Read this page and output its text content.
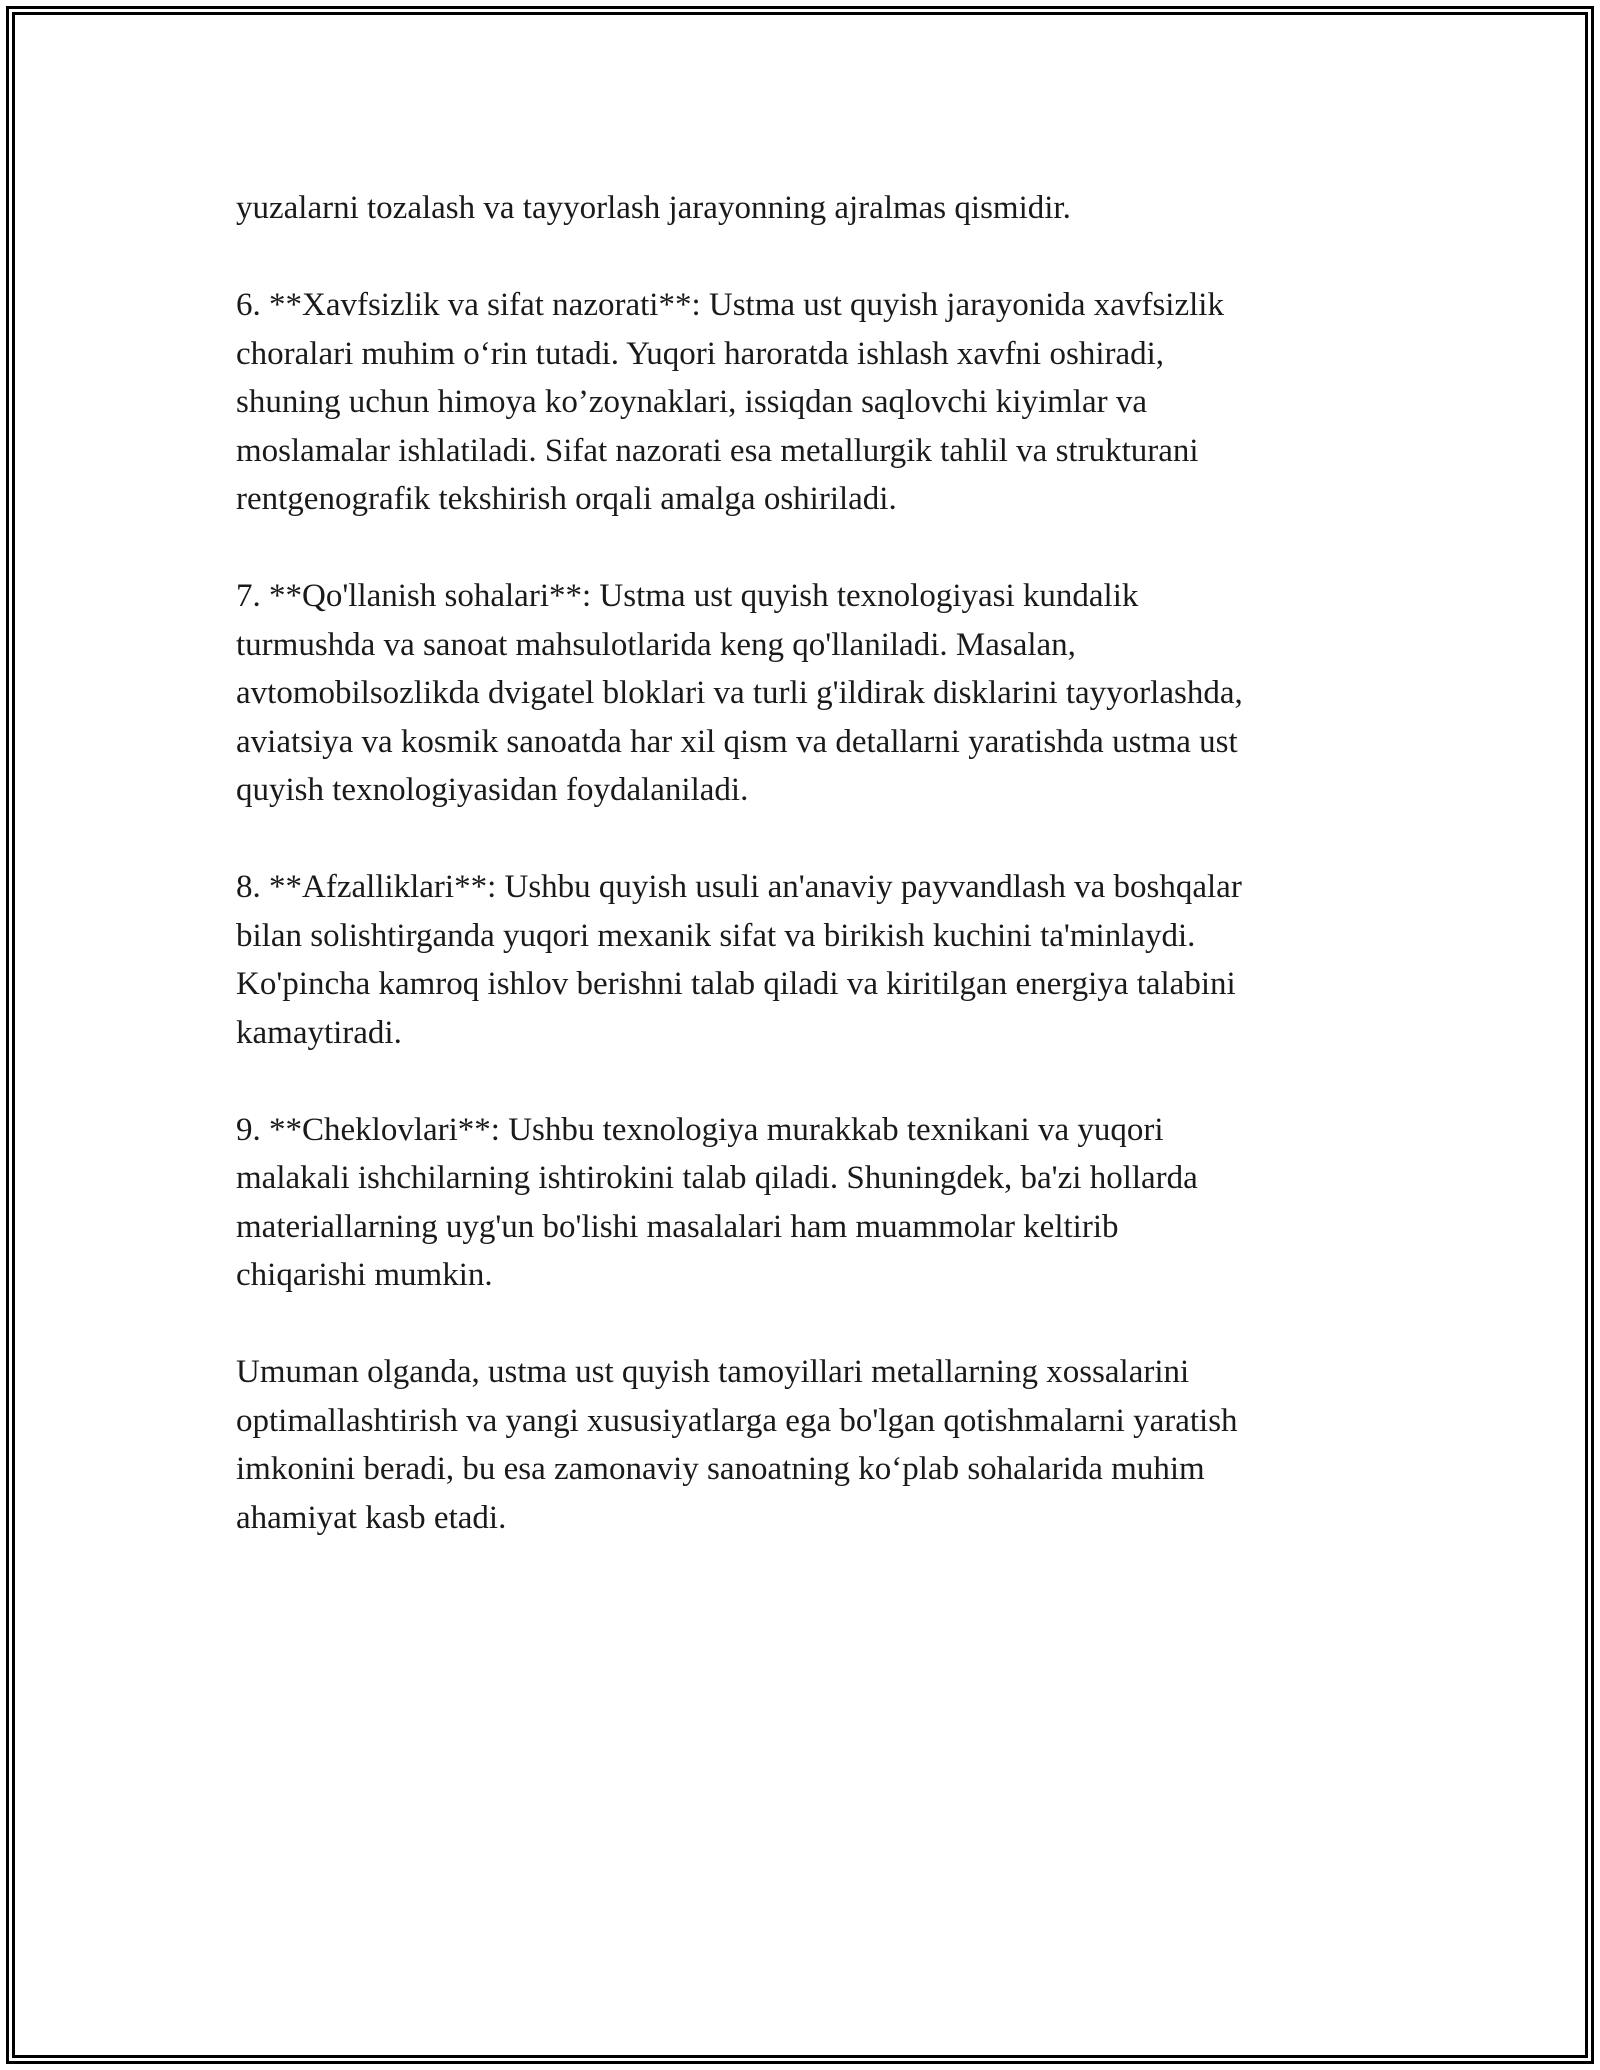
yuzalarni tozalash va tayyorlash jarayonning ajralmas qismidir.

6. **Xavfsizlik va sifat nazorati**: Ustma ust quyish jarayonida xavfsizlik
choralari muhim o‘rin tutadi. Yuqori haroratda ishlash xavfni oshiradi,
shuning uchun himoya ko’zoynaklari, issiqdan saqlovchi kiyimlar va
moslamalar ishlatiladi. Sifat nazorati esa metallurgik tahlil va strukturani
rentgenografik tekshirish orqali amalga oshiriladi.

7. **Qo'llanish sohalari**: Ustma ust quyish texnologiyasi kundalik
turmushda va sanoat mahsulotlarida keng qo'llaniladi. Masalan,
avtomobilsozlikda dvigatel bloklari va turli g'ildirak disklarini tayyorlashda,
aviatsiya va kosmik sanoatda har xil qism va detallarni yaratishda ustma ust
quyish texnologiyasidan foydalaniladi.

8. **Afzalliklari**: Ushbu quyish usuli an'anaviy payvandlash va boshqalar
bilan solishtirganda yuqori mexanik sifat va birikish kuchini ta'minlaydi.
Ko'pincha kamroq ishlov berishni talab qiladi va kiritilgan energiya talabini
kamaytiradi.

9. **Cheklovlari**: Ushbu texnologiya murakkab texnikani va yuqori
malakali ishchilarning ishtirokini talab qiladi. Shuningdek, ba'zi hollarda
materiallarning uyg'un bo'lishi masalalari ham muammolar keltirib
chiqarishi mumkin.

Umuman olganda, ustma ust quyish tamoyillari metallarning xossalarini
optimallashtirish va yangi xususiyatlarga ega bo'lgan qotishmalarni yaratish
imkonini beradi, bu esa zamonaviy sanoatning ko‘plab sohalarida muhim
ahamiyat kasb etadi.
